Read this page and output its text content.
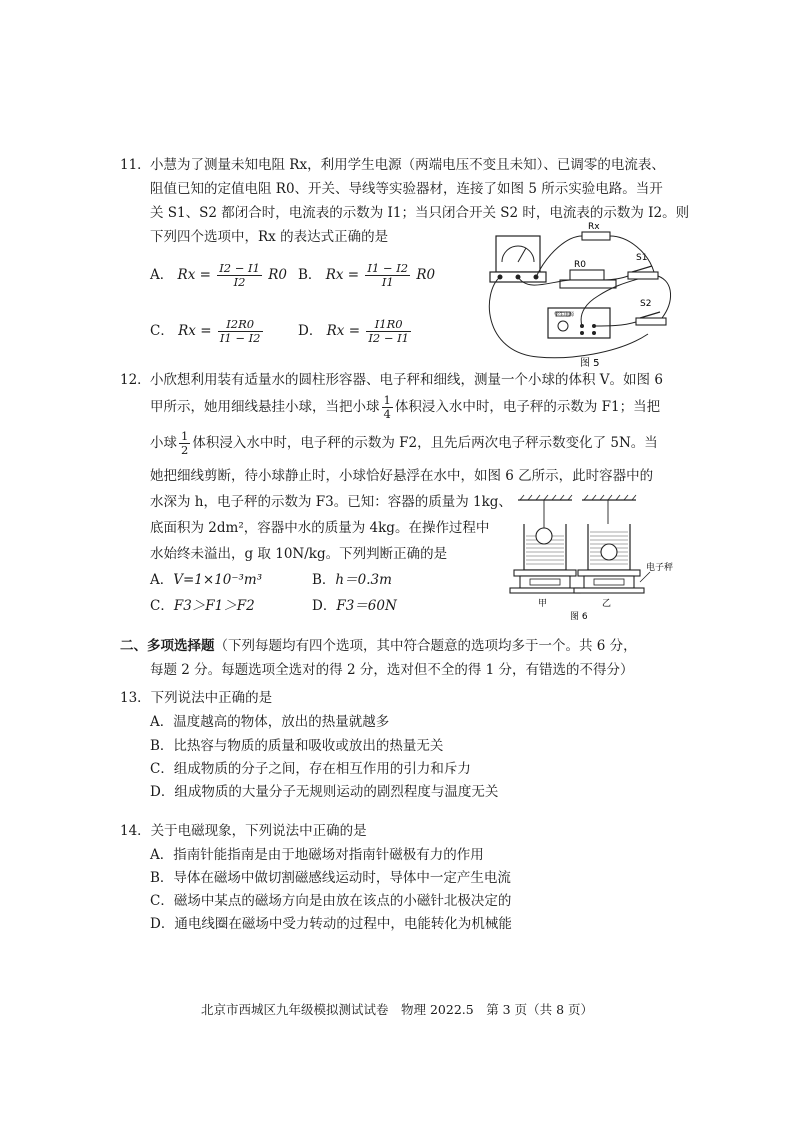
11． 小慧为了测量未知电阻 Rx，利用学生电源（两端电压不变且未知）、已调零的电流表、
阻值已知的定值电阻 R0、开关、导线等实验器材，连接了如图 5 所示实验电路。当开
关 S1、S2 都闭合时，电流表的示数为 I1；当只闭合开关 S2 时，电流表的示数为 I2。则
下列四个选项中，Rx 的表达式正确的是
A． $Rx = \frac{I2 - I1}{I2} R0$ B． $Rx = \frac{I1 - I2}{I1} R0$
C． $Rx = \frac{I2R0}{I1 - I2}$	D． $Rx = \frac{I1R0}{I2 - I1}$
Rx
R0
S1
S2
学生电源
图 5
12． 小欣想利用装有适量水的圆柱形容器、电子秤和细线，测量一个小球的体积 V。如图 6
甲所示，她用细线悬挂小球，当把小球 $\frac{1}{4}$ 体积浸入水中时，电子秤的示数为 F1；当把
小球 $\frac{1}{2}$ 体积浸入水中时，电子秤的示数为 F2，且先后两次电子秤示数变化了 5N。当
她把细线剪断，待小球静止时，小球恰好悬浮在水中，如图 6 乙所示，此时容器中的
水深为 h，电子秤的示数为 F3。已知：容器的质量为 1kg、
底面积为 2dm²，容器中水的质量为 4kg。在操作过程中
水始终未溢出，g 取 10N/kg。下列判断正确的是
A．V=1×10⁻³m³	B．h＝0.3m
C．F3＞F1＞F2	D．F3＝60N
电子秤
甲	乙
图 6
二、多项选择题（下列每题均有四个选项，其中符合题意的选项均多于一个。共 6 分，
每题 2 分。每题选项全选对的得 2 分，选对但不全的得 1 分，有错选的不得分）
13．下列说法中正确的是
A．温度越高的物体，放出的热量就越多
B．比热容与物质的质量和吸收或放出的热量无关
C．组成物质的分子之间，存在相互作用的引力和斥力
D．组成物质的大量分子无规则运动的剧烈程度与温度无关
14．关于电磁现象，下列说法中正确的是
A．指南针能指南是由于地磁场对指南针磁极有力的作用
B．导体在磁场中做切割磁感线运动时，导体中一定产生电流
C．磁场中某点的磁场方向是由放在该点的小磁针北极决定的
D．通电线圈在磁场中受力转动的过程中，电能转化为机械能
北京市西城区九年级模拟测试试卷　物理 2022.5　第 3 页（共 8 页）
